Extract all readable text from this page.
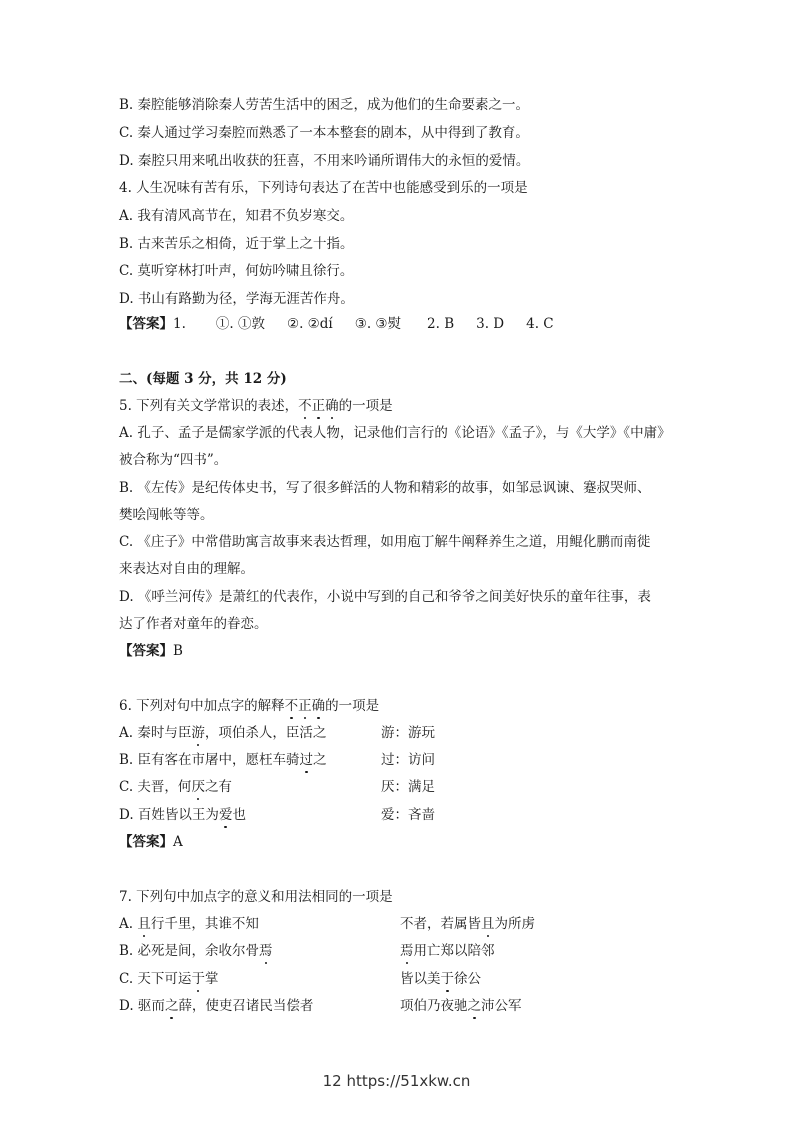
B. 秦腔能够消除秦人劳苦生活中的困乏，成为他们的生命要素之一。
C. 秦人通过学习秦腔而熟悉了一本本整套的剧本，从中得到了教育。
D. 秦腔只用来吼出收获的狂喜，不用来吟诵所谓伟大的永恒的爱情。
4. 人生况味有苦有乐，下列诗句表达了在苦中也能感受到乐的一项是
A. 我有清风高节在，知君不负岁寒交。
B. 古来苦乐之相倚，近于掌上之十指。
C. 莫听穿林打叶声，何妨吟啸且徐行。
D. 书山有路勤为径，学海无涯苦作舟。
【答案】1. ①. ①敦 ②. ②dí ③. ③熨 2. B 3. D 4. C
二、(每题 3 分，共 12 分)
5. 下列有关文学常识的表述，不正确的一项是
A. 孔子、孟子是儒家学派的代表人物，记录他们言行的《论语》《孟子》，与《大学》《中庸》
被合称为“四书”。
B. 《左传》是纪传体史书，写了很多鲜活的人物和精彩的故事，如邹忌讽谏、蹇叔哭师、
樊哙闯帐等等。
C. 《庄子》中常借助寓言故事来表达哲理，如用庖丁解牛阐释养生之道，用鲲化鹏而南徙
来表达对自由的理解。
D. 《呼兰河传》是萧红的代表作，小说中写到的自己和爷爷之间美好快乐的童年往事，表
达了作者对童年的眷恋。
【答案】B
6. 下列对句中加点字的解释不正确的一项是
A. 秦时与臣游，项伯杀人，臣活之	游：游玩
B. 臣有客在市屠中，愿枉车骑过之	过：访问
C. 夫晋，何厌之有	厌：满足
D. 百姓皆以王为爱也	爱：吝啬
【答案】A
7. 下列句中加点字的意义和用法相同的一项是
A. 且行千里，其谁不知	不者，若属皆且为所虏
B. 必死是间，余收尔骨焉	焉用亡郑以陪邻
C. 天下可运于掌	皆以美于徐公
D. 驱而之薛，使吏召诸民当偿者	项伯乃夜驰之沛公军
12 https://51xkw.cn
